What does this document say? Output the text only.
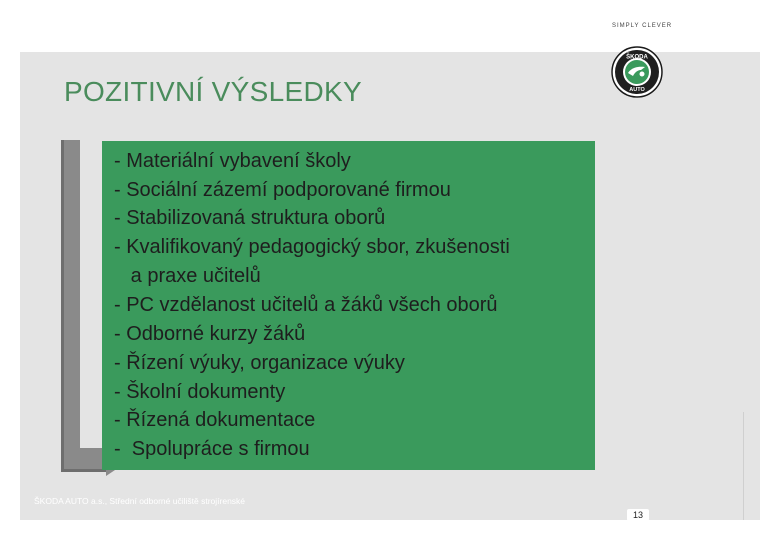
SIMPLY CLEVER
ŠKODA
AUTO
POZITIVNÍ VÝSLEDKY
- Materiální vybavení školy
- Sociální zázemí podporované firmou
- Stabilizovaná struktura oborů
- Kvalifikovaný pedagogický sbor, zkušenosti
a praxe učitelů
- PC vzdělanost učitelů a žáků všech oborů
- Odborné kurzy žáků
- Řízení výuky, organizace výuky
- Školní dokumenty
- Řízená dokumentace
-  Spolupráce s firmou
ŠKODA AUTO a.s., Střední odborné učiliště strojírenské
13
